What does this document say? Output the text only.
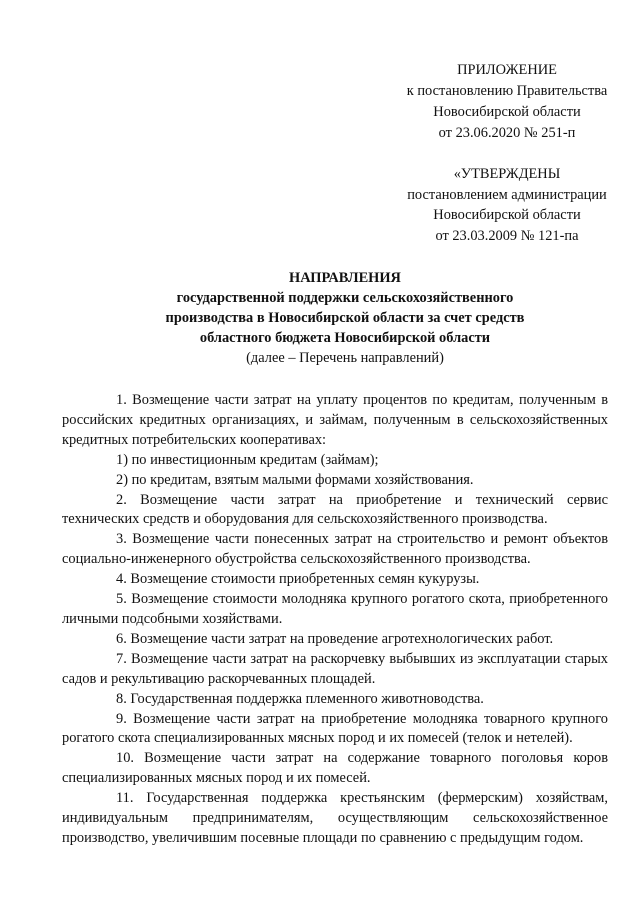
ПРИЛОЖЕНИЕ
к постановлению Правительства
Новосибирской области
от 23.06.2020 № 251-п
«УТВЕРЖДЕНЫ
постановлением администрации
Новосибирской области
от 23.03.2009 № 121-па
НАПРАВЛЕНИЯ
государственной поддержки сельскохозяйственного
производства в Новосибирской области за счет средств
областного бюджета Новосибирской области
(далее – Перечень направлений)

1. Возмещение части затрат на уплату процентов по кредитам, полученным в российских кредитных организациях, и займам, полученным в сельскохозяйственных кредитных потребительских кооперативах:

1) по инвестиционным кредитам (займам);

2) по кредитам, взятым малыми формами хозяйствования.

2. Возмещение части затрат на приобретение и технический сервис технических средств и оборудования для сельскохозяйственного производства.

3. Возмещение части понесенных затрат на строительство и ремонт объектов социально-инженерного обустройства сельскохозяйственного производства.

4. Возмещение стоимости приобретенных семян кукурузы.

5. Возмещение стоимости молодняка крупного рогатого скота, приобретенного личными подсобными хозяйствами.

6. Возмещение части затрат на проведение агротехнологических работ.

7. Возмещение части затрат на раскорчевку выбывших из эксплуатации старых садов и рекультивацию раскорчеванных площадей.

8. Государственная поддержка племенного животноводства.

9. Возмещение части затрат на приобретение молодняка товарного крупного рогатого скота специализированных мясных пород и их помесей (телок и нетелей).

10. Возмещение части затрат на содержание товарного поголовья коров специализированных мясных пород и их помесей.

11. Государственная поддержка крестьянским (фермерским) хозяйствам, индивидуальным предпринимателям, осуществляющим сельскохозяйственное производство, увеличившим посевные площади по сравнению с предыдущим годом.
